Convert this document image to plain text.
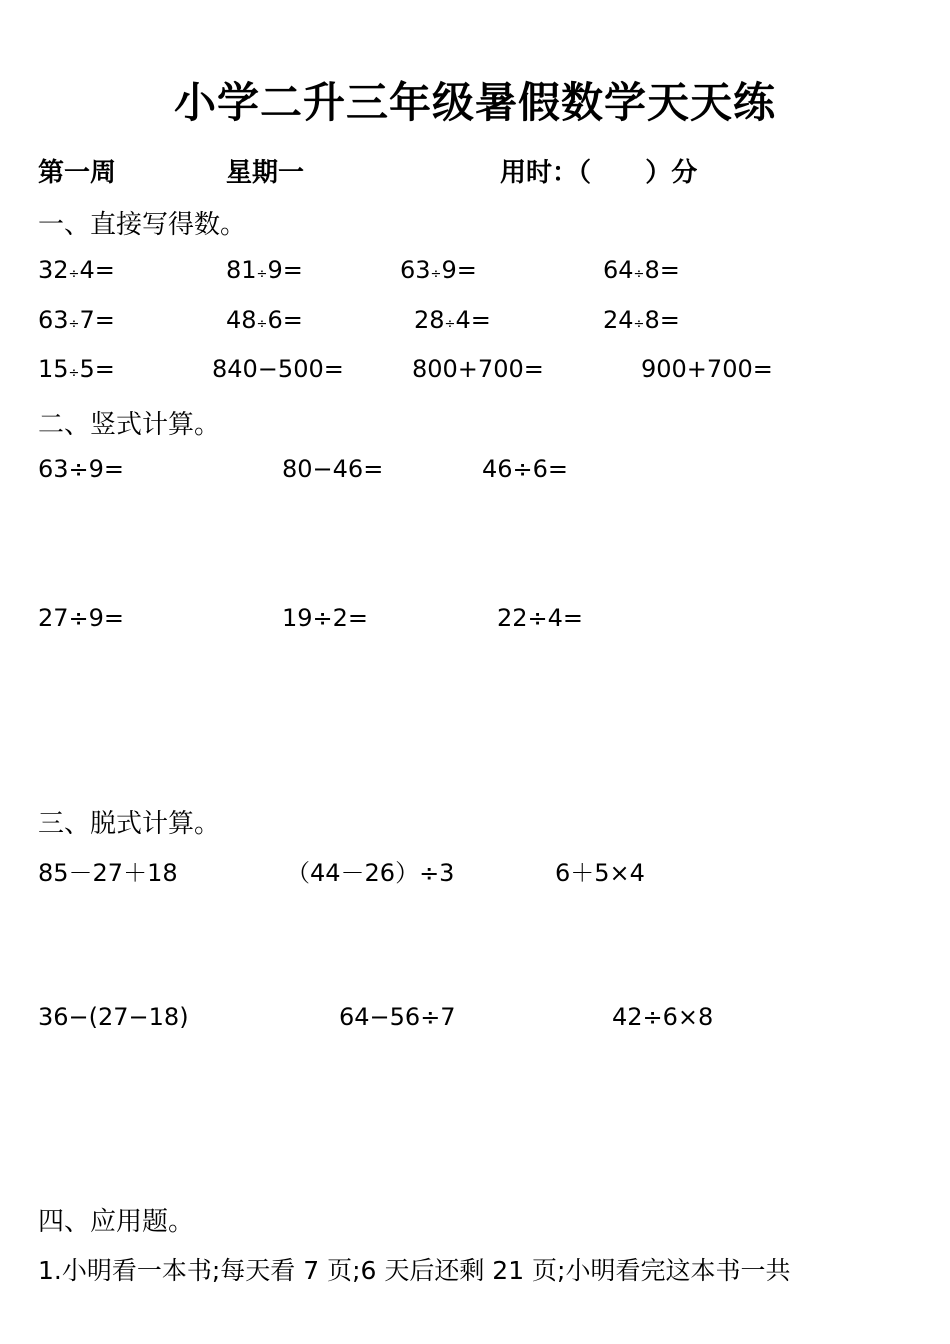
小学二升三年级暑假数学天天练
第一周	星期一	用时：（      ）分
一、直接写得数。
32÷4=	81÷9=	63÷9=	64÷8=
63÷7=	48÷6=	28÷4=	24÷8=
15÷5=	840−500=	800+700=	900+700=
二、竖式计算。
63÷9=	80−46=	46÷6=
27÷9=	19÷2=	22÷4=
三、脱式计算。
85－27＋18	（44－26）÷3	6＋5×4
36−(27−18)	64−56÷7	42÷6×8
四、应用题。
1.小明看一本书;每天看 7 页;6 天后还剩 21 页;小明看完这本书一共
